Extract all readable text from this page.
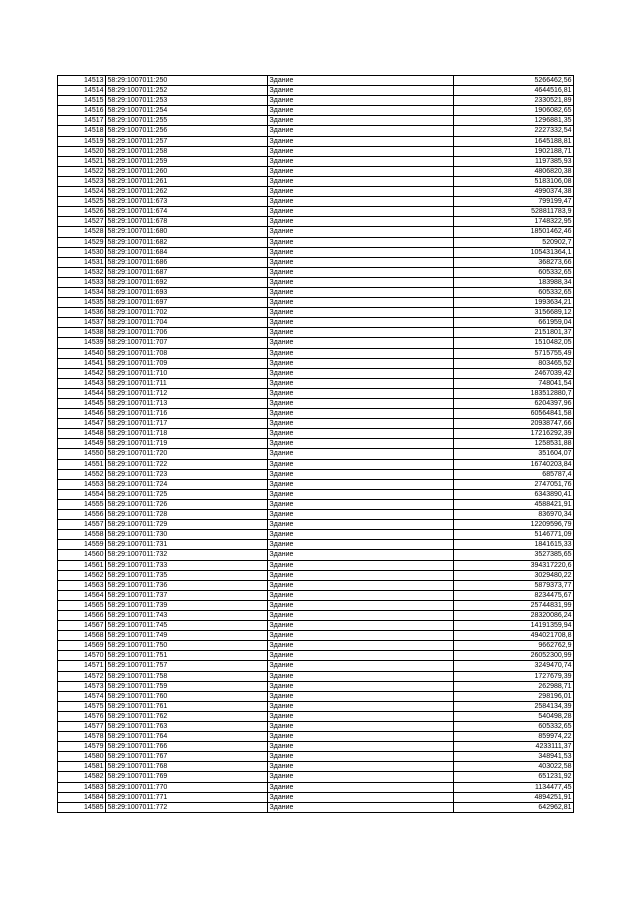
14513	58:29:1007011:250	Здание	5266462,56
14514	58:29:1007011:252	Здание	4644516,81
14515	58:29:1007011:253	Здание	2330521,89
14516	58:29:1007011:254	Здание	1906082,65
14517	58:29:1007011:255	Здание	1296881,35
14518	58:29:1007011:256	Здание	2227332,54
14519	58:29:1007011:257	Здание	1645188,81
14520	58:29:1007011:258	Здание	1902188,71
14521	58:29:1007011:259	Здание	1197385,93
14522	58:29:1007011:260	Здание	4806820,38
14523	58:29:1007011:261	Здание	5183106,08
14524	58:29:1007011:262	Здание	4990374,38
14525	58:29:1007011:673	Здание	799199,47
14526	58:29:1007011:674	Здание	528811783,9
14527	58:29:1007011:678	Здание	1748322,95
14528	58:29:1007011:680	Здание	18501462,46
14529	58:29:1007011:682	Здание	520902,7
14530	58:29:1007011:684	Здание	105431364,1
14531	58:29:1007011:686	Здание	368273,66
14532	58:29:1007011:687	Здание	605332,65
14533	58:29:1007011:692	Здание	183988,34
14534	58:29:1007011:693	Здание	605332,65
14535	58:29:1007011:697	Здание	1993634,21
14536	58:29:1007011:702	Здание	3156689,12
14537	58:29:1007011:704	Здание	661959,04
14538	58:29:1007011:706	Здание	2151801,37
14539	58:29:1007011:707	Здание	1510482,05
14540	58:29:1007011:708	Здание	5715755,49
14541	58:29:1007011:709	Здание	803465,52
14542	58:29:1007011:710	Здание	2467039,42
14543	58:29:1007011:711	Здание	748041,54
14544	58:29:1007011:712	Здание	183512880,7
14545	58:29:1007011:713	Здание	6204397,96
14546	58:29:1007011:716	Здание	60564841,58
14547	58:29:1007011:717	Здание	20938747,66
14548	58:29:1007011:718	Здание	17216292,39
14549	58:29:1007011:719	Здание	1258531,88
14550	58:29:1007011:720	Здание	351604,07
14551	58:29:1007011:722	Здание	16740203,84
14552	58:29:1007011:723	Здание	685787,4
14553	58:29:1007011:724	Здание	2747051,76
14554	58:29:1007011:725	Здание	6343890,41
14555	58:29:1007011:726	Здание	4588421,91
14556	58:29:1007011:728	Здание	836970,34
14557	58:29:1007011:729	Здание	12209596,79
14558	58:29:1007011:730	Здание	5146771,09
14559	58:29:1007011:731	Здание	1841615,33
14560	58:29:1007011:732	Здание	3527385,65
14561	58:29:1007011:733	Здание	394317220,6
14562	58:29:1007011:735	Здание	3029480,22
14563	58:29:1007011:736	Здание	5879373,77
14564	58:29:1007011:737	Здание	8234475,67
14565	58:29:1007011:739	Здание	25744831,99
14566	58:29:1007011:743	Здание	28320086,24
14567	58:29:1007011:745	Здание	14191359,94
14568	58:29:1007011:749	Здание	494021708,8
14569	58:29:1007011:750	Здание	9662762,9
14570	58:29:1007011:751	Здание	26052300,99
14571	58:29:1007011:757	Здание	3249470,74
14572	58:29:1007011:758	Здание	1727679,39
14573	58:29:1007011:759	Здание	262988,71
14574	58:29:1007011:760	Здание	298196,01
14575	58:29:1007011:761	Здание	2584134,39
14576	58:29:1007011:762	Здание	540498,28
14577	58:29:1007011:763	Здание	605332,65
14578	58:29:1007011:764	Здание	859974,22
14579	58:29:1007011:766	Здание	4233111,37
14580	58:29:1007011:767	Здание	348941,53
14581	58:29:1007011:768	Здание	403022,58
14582	58:29:1007011:769	Здание	651231,92
14583	58:29:1007011:770	Здание	1134477,45
14584	58:29:1007011:771	Здание	4894251,91
14585	58:29:1007011:772	Здание	642962,81
